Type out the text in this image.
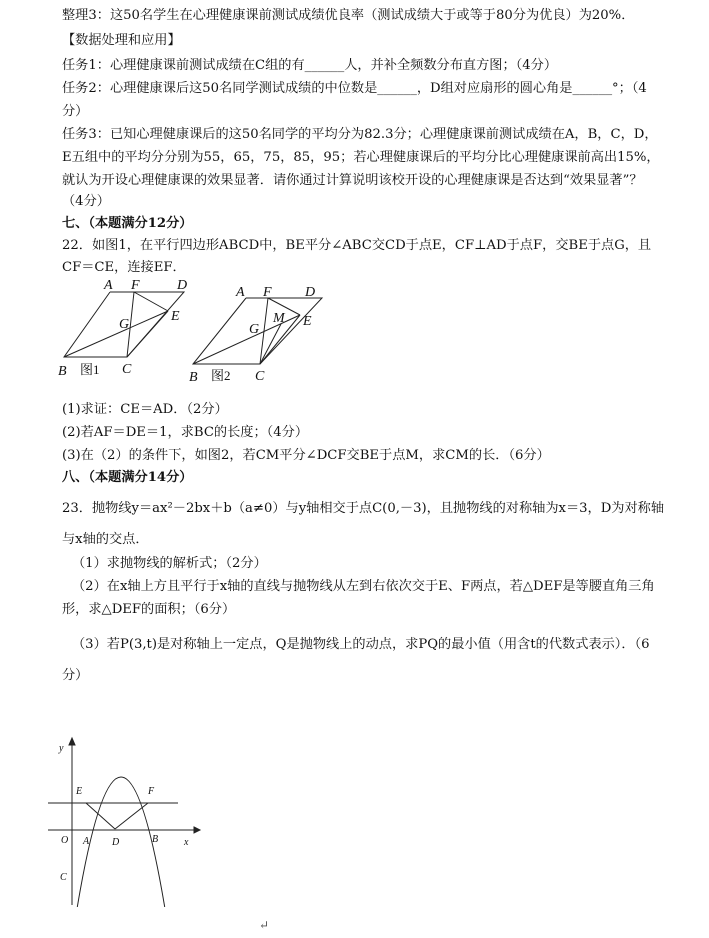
整理3：这50名学生在心理健康课前测试成绩优良率（测试成绩大于或等于80分为优良）为20%．
【数据处理和应用】
任务1：心理健康课前测试成绩在C组的有______人，并补全频数分布直方图；（4分）
任务2：心理健康课后这50名同学测试成绩的中位数是______，D组对应扇形的圆心角是______°；（4
分）
任务3：已知心理健康课后的这50名同学的平均分为82.3分；心理健康课前测试成绩在A，B，C，D，
E五组中的平均分分别为55，65，75，85，95；若心理健康课后的平均分比心理健康课前高出15%，
就认为开设心理健康课的效果显著．请你通过计算说明该校开设的心理健康课是否达到“效果显著”？
（4分）
七、（本题满分12分）
22．如图1，在平行四边形ABCD中，BE平分∠ABC交CD于点E，CF⊥AD于点F，交BE于点G，且
CF＝CE，连接EF．
A F	D
G
E
B	C
图1
A F D
M
G
E
B	C
图2
(1)求证：CE＝AD．（2分）
(2)若AF＝DE＝1，求BC的长度；（4分）
(3)在（2）的条件下，如图2，若CM平分∠DCF交BE于点M，求CM的长．（6分）
八、（本题满分14分）
23．抛物线y＝ax²－2bx＋b（a≠0）与y轴相交于点C(0,－3)，且抛物线的对称轴为x＝3，D为对称轴
与x轴的交点．
（1）求抛物线的解析式；（2分）
（2）在x轴上方且平行于x轴的直线与抛物线从左到右依次交于E、F两点，若△DEF是等腰直角三角
形，求△DEF的面积；（6分）
（3）若P(3,t)是对称轴上一定点，Q是抛物线上的动点，求PQ的最小值（用含t的代数式表示）．（6
分）
y
x
O
E	F
A D	B
C
↵
